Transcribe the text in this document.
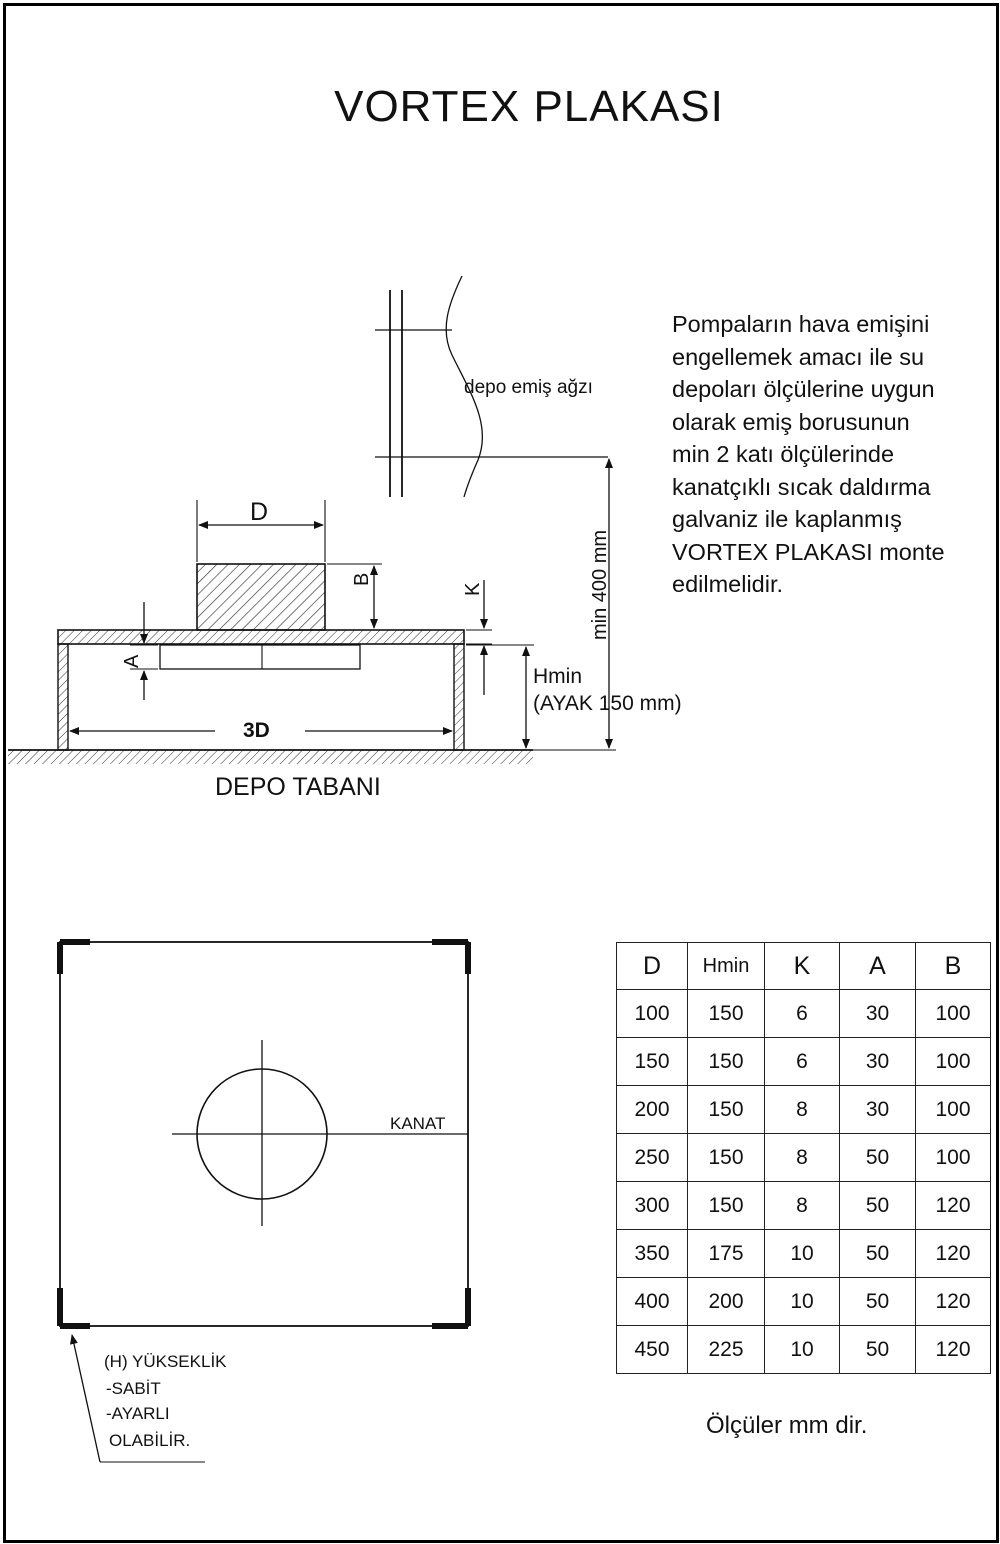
VORTEX PLAKASI
Pompaların hava emişini
engellemek amacı ile su
depoları ölçülerine uygun
olarak emiş borusunun
min 2 katı ölçülerinde
kanatçıklı sıcak daldırma
galvaniz ile kaplanmış
VORTEX PLAKASI monte
edilmelidir.
depo emiş ağzı
D
B
K
A
min 400 mm
Hmin
(AYAK 150 mm)
3D
DEPO TABANI
KANAT
(H) YÜKSEKLİK
-SABİT
-AYARLI
OLABİLİR.
D	Hmin	K	A	B
100	150	6	30	100
150	150	6	30	100
200	150	8	30	100
250	150	8	50	100
300	150	8	50	120
350	175	10	50	120
400	200	10	50	120
450	225	10	50	120
Ölçüler mm dir.
